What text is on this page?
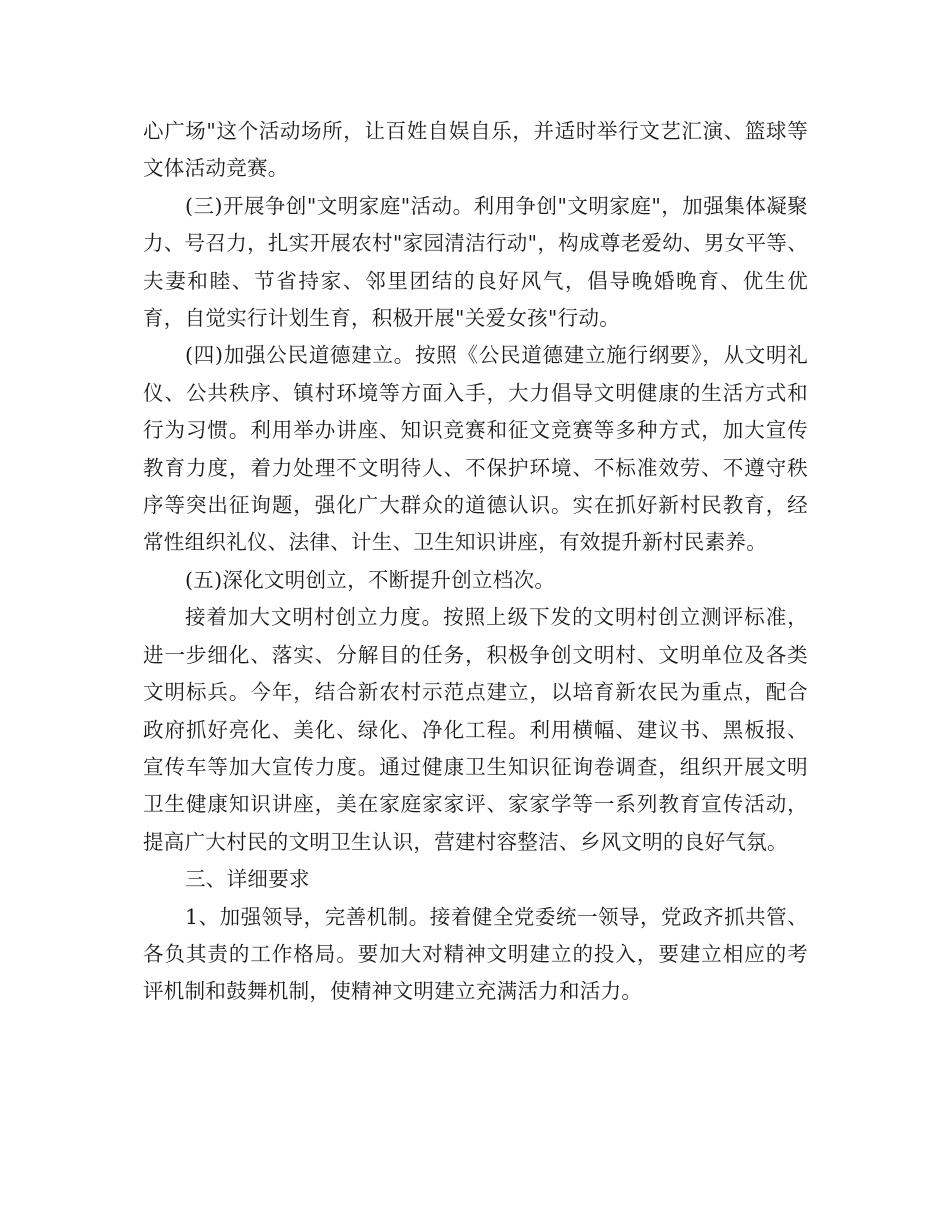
心广场"这个活动场所，让百姓自娱自乐，并适时举行文艺汇演、篮球等文体活动竞赛。

(三)开展争创"文明家庭"活动。利用争创"文明家庭"，加强集体凝聚力、号召力，扎实开展农村"家园清洁行动"，构成尊老爱幼、男女平等、夫妻和睦、节省持家、邻里团结的良好风气，倡导晚婚晚育、优生优育，自觉实行计划生育，积极开展"关爱女孩"行动。

(四)加强公民道德建立。按照《公民道德建立施行纲要》，从文明礼仪、公共秩序、镇村环境等方面入手，大力倡导文明健康的生活方式和行为习惯。利用举办讲座、知识竞赛和征文竞赛等多种方式，加大宣传教育力度，着力处理不文明待人、不保护环境、不标准效劳、不遵守秩序等突出征询题，强化广大群众的道德认识。实在抓好新村民教育，经常性组织礼仪、法律、计生、卫生知识讲座，有效提升新村民素养。

(五)深化文明创立，不断提升创立档次。

接着加大文明村创立力度。按照上级下发的文明村创立测评标准，进一步细化、落实、分解目的任务，积极争创文明村、文明单位及各类文明标兵。今年，结合新农村示范点建立，以培育新农民为重点，配合政府抓好亮化、美化、绿化、净化工程。利用横幅、建议书、黑板报、宣传车等加大宣传力度。通过健康卫生知识征询卷调查，组织开展文明卫生健康知识讲座，美在家庭家家评、家家学等一系列教育宣传活动，提高广大村民的文明卫生认识，营建村容整洁、乡风文明的良好气氛。

三、详细要求

1、加强领导，完善机制。接着健全党委统一领导，党政齐抓共管、各负其责的工作格局。要加大对精神文明建立的投入，要建立相应的考评机制和鼓舞机制，使精神文明建立充满活力和活力。
